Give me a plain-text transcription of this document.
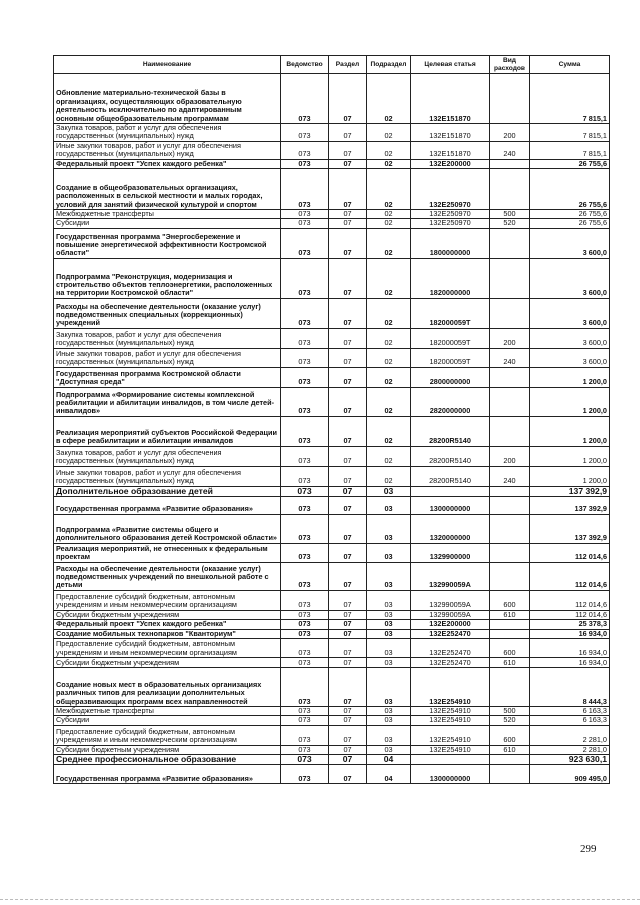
Наименование	Ведомство	Раздел	Подраздел	Целевая статья	Вид расходов	Сумма
Обновление материально-технической базы в организациях, осуществляющих образовательную деятельность исключительно по адаптированным основным общеобразовательным программам	073	07	02	132Е151870		7 815,1
Закупка товаров, работ и услуг для обеспечения государственных (муниципальных) нужд	073	07	02	132Е151870	200	7 815,1
Иные закупки товаров, работ и услуг для обеспечения государственных (муниципальных) нужд	073	07	02	132Е151870	240	7 815,1
Федеральный проект "Успех каждого ребенка"	073	07	02	132Е200000		26 755,6
Создание в общеобразовательных организациях, расположенных в сельской местности и малых городах, условий для занятий физической культурой и спортом	073	07	02	132Е250970		26 755,6
Межбюджетные трансферты	073	07	02	132Е250970	500	26 755,6
Субсидии	073	07	02	132Е250970	520	26 755,6
Государственная программа "Энергосбережение и повышение энергетической эффективности Костромской области"	073	07	02	1800000000		3 600,0
Подпрограмма "Реконструкция, модернизация и строительство объектов теплоэнергетики, расположенных на территории Костромской области"	073	07	02	1820000000		3 600,0
Расходы на обеспечение деятельности (оказание услуг) подведомственных специальных (коррекционных) учреждений	073	07	02	182000059Т		3 600,0
Закупка товаров, работ и услуг для обеспечения государственных (муниципальных) нужд	073	07	02	182000059Т	200	3 600,0
Иные закупки товаров, работ и услуг для обеспечения государственных (муниципальных) нужд	073	07	02	182000059Т	240	3 600,0
Государственная программа Костромской области "Доступная среда"	073	07	02	2800000000		1 200,0
Подпрограмма «Формирование системы комплексной реабилитации и абилитации инвалидов, в том числе детей-инвалидов»	073	07	02	2820000000		1 200,0
Реализация мероприятий субъектов Российской Федерации в сфере реабилитации и абилитации инвалидов	073	07	02	28200R5140		1 200,0
Закупка товаров, работ и услуг для обеспечения государственных (муниципальных) нужд	073	07	02	28200R5140	200	1 200,0
Иные закупки товаров, работ и услуг для обеспечения государственных (муниципальных) нужд	073	07	02	28200R5140	240	1 200,0
Дополнительное образование детей	073	07	03			137 392,9
Государственная программа «Развитие образования»	073	07	03	1300000000		137 392,9
Подпрограмма «Развитие системы общего и дополнительного образования детей Костромской области»	073	07	03	1320000000		137 392,9
Реализация мероприятий, не отнесенных к федеральным проектам	073	07	03	1329900000		112 014,6
Расходы на обеспечение деятельности (оказание услуг) подведомственных учреждений по внешкольной работе с детьми	073	07	03	132990059А		112 014,6
Предоставление субсидий бюджетным, автономным учреждениям и иным некоммерческим организациям	073	07	03	132990059А	600	112 014,6
Субсидии бюджетным учреждениям	073	07	03	132990059А	610	112 014,6
Федеральный проект "Успех каждого ребенка"	073	07	03	132Е200000		25 378,3
Создание мобильных технопарков "Кванториум"	073	07	03	132Е252470		16 934,0
Предоставление субсидий бюджетным, автономным учреждениям и иным некоммерческим организациям	073	07	03	132Е252470	600	16 934,0
Субсидии бюджетным учреждениям	073	07	03	132Е252470	610	16 934,0
Создание новых мест в образовательных организациях различных типов для реализации дополнительных общеразвивающих программ всех направленностей	073	07	03	132Е254910		8 444,3
Межбюджетные трансферты	073	07	03	132Е254910	500	6 163,3
Субсидии	073	07	03	132Е254910	520	6 163,3
Предоставление субсидий бюджетным, автономным учреждениям и иным некоммерческим организациям	073	07	03	132Е254910	600	2 281,0
Субсидии бюджетным учреждениям	073	07	03	132Е254910	610	2 281,0
Среднее профессиональное образование	073	07	04			923 630,1
Государственная программа «Развитие образования»	073	07	04	1300000000		909 495,0
299
